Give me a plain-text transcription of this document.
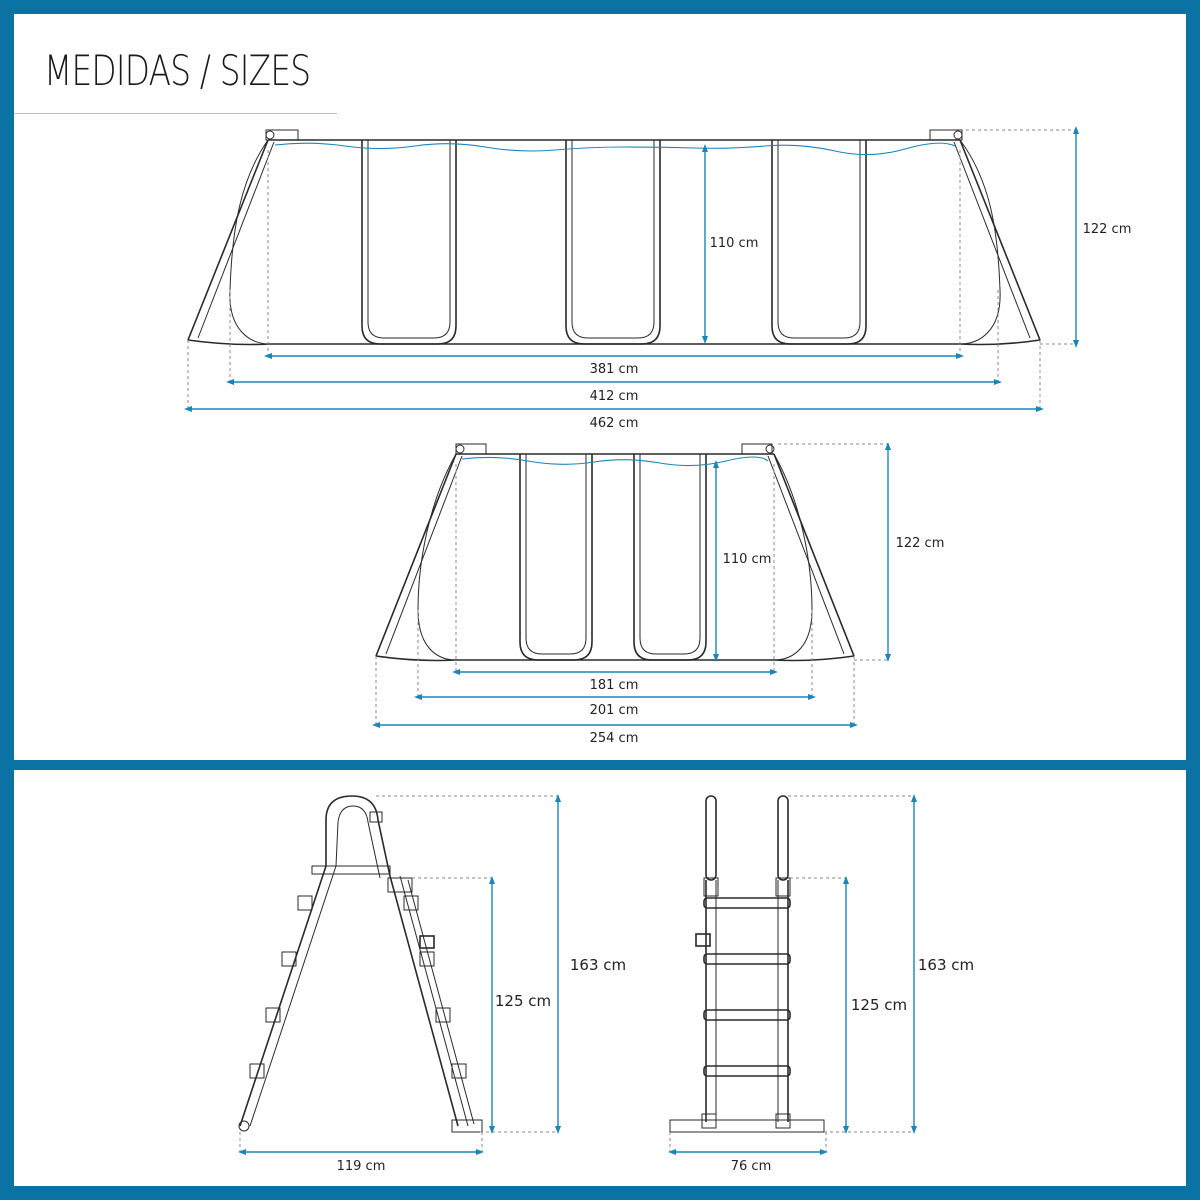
MEDIDAS / SIZES
110 cm
122 cm
381 cm
412 cm
462 cm
110 cm
122 cm
181 cm
201 cm
254 cm
163 cm
125 cm
119 cm
163 cm
125 cm
76 cm
